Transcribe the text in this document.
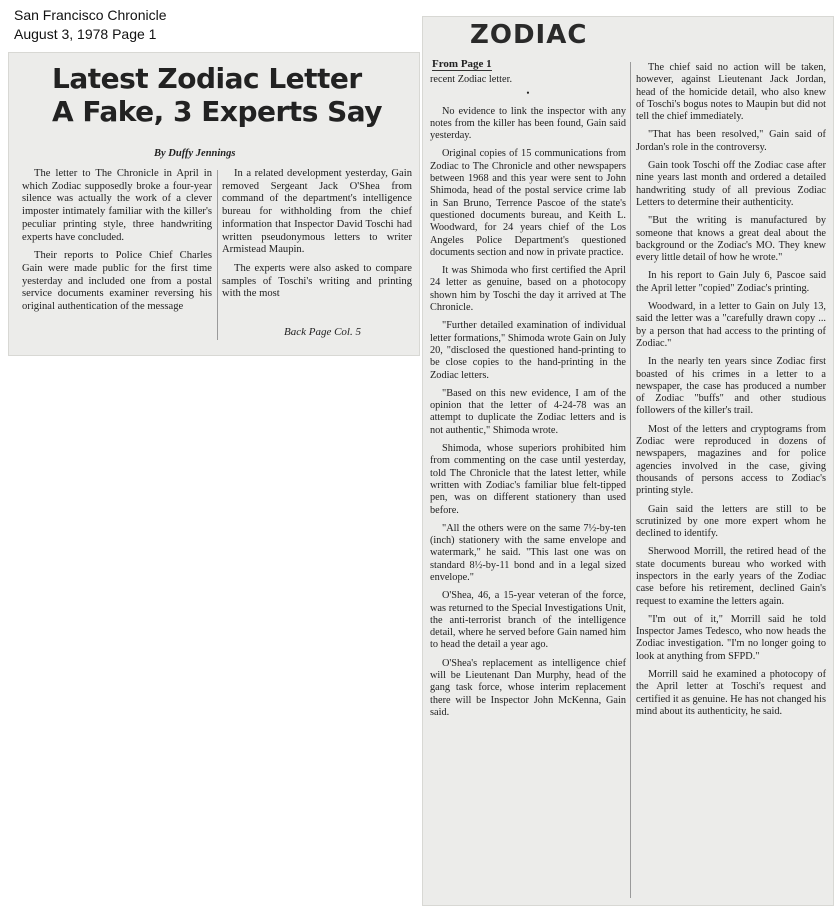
San Francisco Chronicle
August 3, 1978 Page 1
Latest Zodiac Letter
A Fake, 3 Experts Say
By Duffy Jennings

The letter to The Chronicle in April in which Zodiac supposedly broke a four-year silence was actually the work of a clever imposter intimately familiar with the killer's peculiar printing style, three handwriting experts have concluded.

Their reports to Police Chief Charles Gain were made public for the first time yesterday and included one from a postal service documents examiner reversing his original authentication of the message

In a related development yesterday, Gain removed Sergeant Jack O'Shea from command of the department's intelligence bureau for withholding from the chief information that Inspector David Toschi had written pseudonymous letters to writer Armistead Maupin.

The experts were also asked to compare samples of Toschi's writing and printing with the most

Back Page Col. 5
ZODIAC
From Page 1

recent Zodiac letter.

•

No evidence to link the inspector with any notes from the killer has been found, Gain said yesterday.

Original copies of 15 communications from Zodiac to The Chronicle and other newspapers between 1968 and this year were sent to John Shimoda, head of the postal service crime lab in San Bruno, Terrence Pascoe of the state's questioned documents bureau, and Keith L. Woodward, for 24 years chief of the Los Angeles Police Department's questioned documents section and now in private practice.

It was Shimoda who first certified the April 24 letter as genuine, based on a photocopy shown him by Toschi the day it arrived at The Chronicle.

"Further detailed examination of individual letter formations," Shimoda wrote Gain on July 20, "disclosed the questioned hand-printing to be close copies to the hand-printing in the Zodiac letters.

"Based on this new evidence, I am of the opinion that the letter of 4-24-78 was an attempt to duplicate the Zodiac letters and is not authentic," Shimoda wrote.

Shimoda, whose superiors prohibited him from commenting on the case until yesterday, told The Chronicle that the latest letter, while written with Zodiac's familiar blue felt-tipped pen, was on different stationery than used before.

"All the others were on the same 7½-by-ten (inch) stationery with the same envelope and watermark," he said. "This last one was on standard 8½-by-11 bond and in a legal sized envelope."

O'Shea, 46, a 15-year veteran of the force, was returned to the Special Investigations Unit, the anti-terrorist branch of the intelligence detail, where he served before Gain named him to head the detail a year ago.

O'Shea's replacement as intelligence chief will be Lieutenant Dan Murphy, head of the gang task force, whose interim replacement there will be Inspector John McKenna, Gain said.

The chief said no action will be taken, however, against Lieutenant Jack Jordan, head of the homicide detail, who also knew of Toschi's bogus notes to Maupin but did not tell the chief immediately.

"That has been resolved," Gain said of Jordan's role in the controversy.

Gain took Toschi off the Zodiac case after nine years last month and ordered a detailed handwriting study of all previous Zodiac Letters to determine their authenticity.

"But the writing is manufactured by someone that knows a great deal about the background or the Zodiac's MO. They knew every little detail of how he wrote."

In his report to Gain July 6, Pascoe said the April letter "copied" Zodiac's printing.

Woodward, in a letter to Gain on July 13, said the letter was a "carefully drawn copy ... by a person that had access to the printing of Zodiac."

In the nearly ten years since Zodiac first boasted of his crimes in a letter to a newspaper, the case has produced a number of Zodiac "buffs" and other studious followers of the killer's trail.

Most of the letters and cryptograms from Zodiac were reproduced in dozens of newspapers, magazines and for police agencies involved in the case, giving thousands of persons access to Zodiac's printing style.

Gain said the letters are still to be scrutinized by one more expert whom he declined to identify.

Sherwood Morrill, the retired head of the state documents bureau who worked with inspectors in the early years of the Zodiac case before his retirement, declined Gain's request to examine the letters again.

"I'm out of it," Morrill said he told Inspector James Tedesco, who now heads the Zodiac investigation. "I'm no longer going to look at anything from SFPD."

Morrill said he examined a photocopy of the April letter at Toschi's request and certified it as genuine. He has not changed his mind about its authenticity, he said.
